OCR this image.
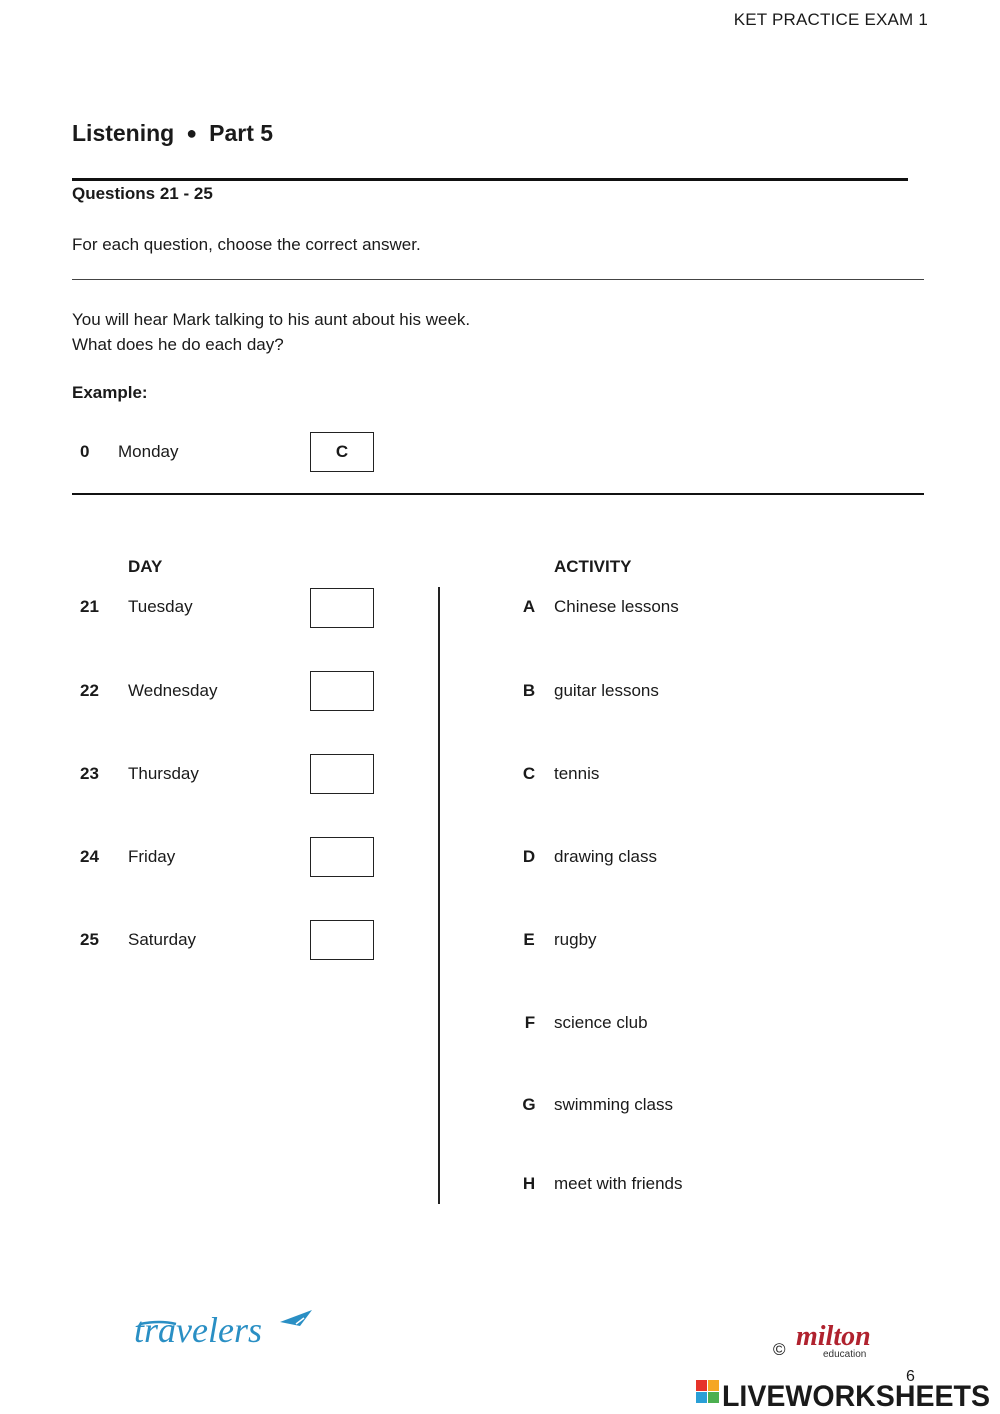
KET PRACTICE EXAM 1
Listening ● Part 5
Questions 21 - 25
For each question, choose the correct answer.
You will hear Mark talking to his aunt about his week.
What does he do each day?
Example:
0 Monday	C
DAY	ACTIVITY
21 Tuesday
22 Wednesday
23 Thursday
24 Friday
25 Saturday
A Chinese lessons
B guitar lessons
C tennis
D drawing class
E rugby
F science club
G swimming class
H meet with friends
travelers	© milton
education
6
LIVEWORKSHEETS
